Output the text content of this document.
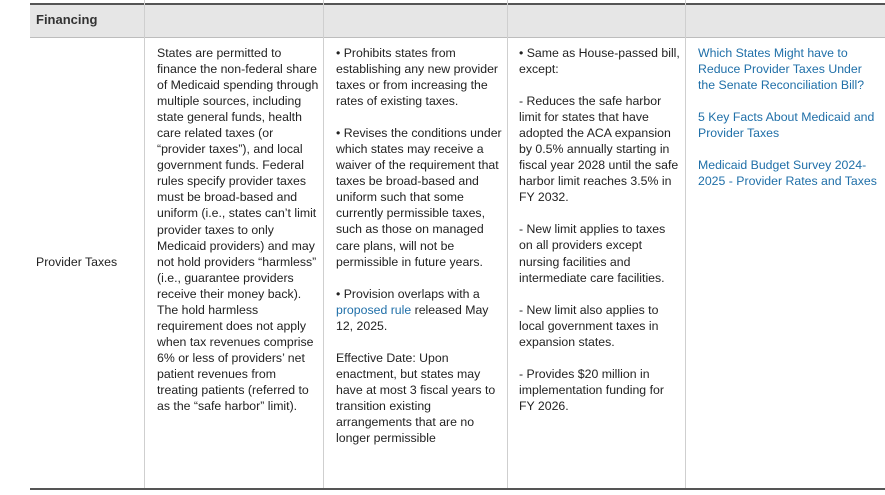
Financing
Provider Taxes

States are permitted to finance the non-federal share of Medicaid spending through multiple sources, including state general funds, health care related taxes (or “provider taxes”), and local government funds. Federal rules specify provider taxes must be broad-based and uniform (i.e., states can’t limit provider taxes to only Medicaid providers) and may not hold providers “harmless” (i.e., guarantee providers receive their money back). The hold harmless requirement does not apply when tax revenues comprise 6% or less of providers’ net patient revenues from treating patients (referred to as the “safe harbor” limit).

• Prohibits states from establishing any new provider taxes or from increasing the rates of existing taxes.

• Revises the conditions under which states may receive a waiver of the requirement that taxes be broad-based and uniform such that some currently permissible taxes, such as those on managed care plans, will not be permissible in future years.

• Provision overlaps with a proposed rule released May 12, 2025.

Effective Date: Upon enactment, but states may have at most 3 fiscal years to transition existing arrangements that are no longer permissible

• Same as House-passed bill, except:

- Reduces the safe harbor limit for states that have adopted the ACA expansion by 0.5% annually starting in fiscal year 2028 until the safe harbor limit reaches 3.5% in FY 2032.

- New limit applies to taxes on all providers except nursing facilities and intermediate care facilities.

- New limit also applies to local government taxes in expansion states.

- Provides $20 million in implementation funding for FY 2026.

Which States Might have to Reduce Provider Taxes Under the Senate Reconciliation Bill?

5 Key Facts About Medicaid and Provider Taxes

Medicaid Budget Survey 2024-2025 - Provider Rates and Taxes
